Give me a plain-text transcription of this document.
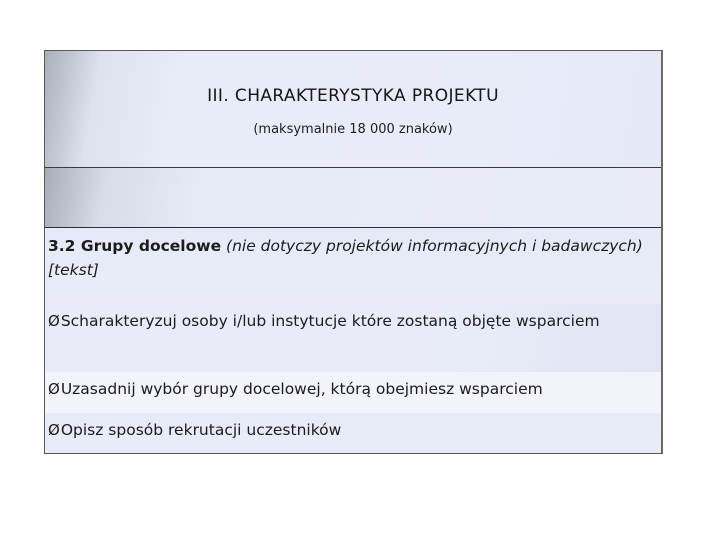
III. CHARAKTERYSTYKA PROJEKTU
(maksymalnie 18 000 znaków)
3.2 Grupy docelowe (nie dotyczy projektów informacyjnych i badawczych) [tekst]
ØScharakteryzuj osoby i/lub instytucje które zostaną objęte wsparciem
ØUzasadnij wybór grupy docelowej, którą obejmiesz wsparciem
ØOpisz sposób rekrutacji uczestników
